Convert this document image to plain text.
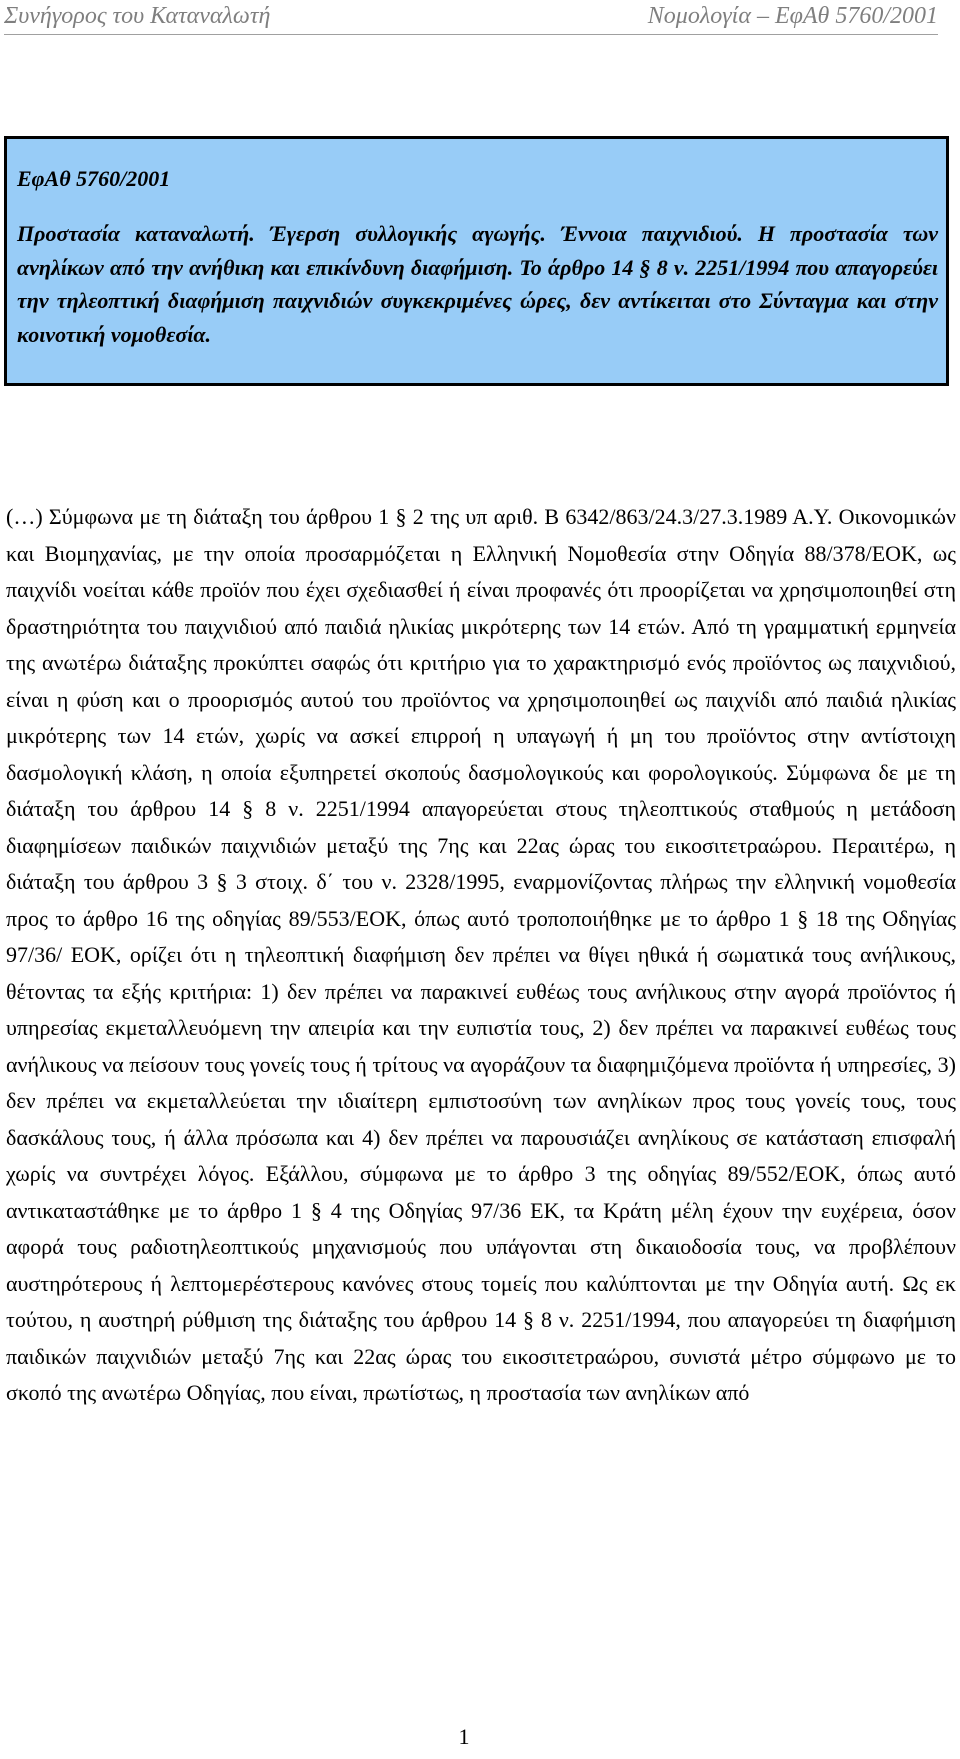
Συνήγορος του Καταναλωτή	Νομολογία – ΕφΑθ 5760/2001

ΕφΑθ 5760/2001

Προστασία καταναλωτή. Έγερση συλλογικής αγωγής. Έννοια παιχνιδιού. Η προστασία των ανηλίκων από την ανήθικη και επικίνδυνη διαφήμιση. Το άρθρο 14 § 8 ν. 2251/1994 που απαγορεύει την τηλεοπτική διαφήμιση παιχνιδιών συγκεκριμένες ώρες, δεν αντίκειται στο Σύνταγμα και στην κοινοτική νομοθεσία.

(…) Σύμφωνα με τη διάταξη του άρθρου 1 § 2 της υπ αριθ. Β 6342/863/24.3/27.3.1989 Α.Υ. Οικονομικών και Βιομηχανίας, με την οποία προσαρμόζεται η Ελληνική Νομοθεσία στην Οδηγία 88/378/ΕΟΚ, ως παιχνίδι νοείται κάθε προϊόν που έχει σχεδιασθεί ή είναι προφανές ότι προορίζεται να χρησιμοποιηθεί στη δραστηριότητα του παιχνιδιού από παιδιά ηλικίας μικρότερης των 14 ετών. Από τη γραμματική ερμηνεία της ανωτέρω διάταξης προκύπτει σαφώς ότι κριτήριο για το χαρακτηρισμό ενός προϊόντος ως παιχνιδιού, είναι η φύση και ο προορισμός αυτού του προϊόντος να χρησιμοποιηθεί ως παιχνίδι από παιδιά ηλικίας μικρότερης των 14 ετών, χωρίς να ασκεί επιρροή η υπαγωγή ή μη του προϊόντος στην αντίστοιχη δασμολογική κλάση, η οποία εξυπηρετεί σκοπούς δασμολογικούς και φορολογικούς. Σύμφωνα δε με τη διάταξη του άρθρου 14 § 8 ν. 2251/1994 απαγορεύεται στους τηλεοπτικούς σταθμούς η μετάδοση διαφημίσεων παιδικών παιχνιδιών μεταξύ της 7ης και 22ας ώρας του εικοσιτετραώρου. Περαιτέρω, η διάταξη του άρθρου 3 § 3 στοιχ. δ΄ του ν. 2328/1995, εναρμονίζοντας πλήρως την ελληνική νομοθεσία προς το άρθρο 16 της οδηγίας 89/553/ΕΟΚ, όπως αυτό τροποποιήθηκε με το άρθρο 1 § 18 της Οδηγίας 97/36/ ΕΟΚ, ορίζει ότι η τηλεοπτική διαφήμιση δεν πρέπει να θίγει ηθικά ή σωματικά τους ανήλικους, θέτοντας τα εξής κριτήρια: 1) δεν πρέπει να παρακινεί ευθέως τους ανήλικους στην αγορά προϊόντος ή υπηρεσίας εκμεταλλευόμενη την απειρία και την ευπιστία τους, 2) δεν πρέπει να παρακινεί ευθέως τους ανήλικους να πείσουν τους γονείς τους ή τρίτους να αγοράζουν τα διαφημιζόμενα προϊόντα ή υπηρεσίες, 3) δεν πρέπει να εκμεταλλεύεται την ιδιαίτερη εμπιστοσύνη των ανηλίκων προς τους γονείς τους, τους δασκάλους τους, ή άλλα πρόσωπα και 4) δεν πρέπει να παρουσιάζει ανηλίκους σε κατάσταση επισφαλή χωρίς να συντρέχει λόγος. Εξάλλου, σύμφωνα με το άρθρο 3 της οδηγίας 89/552/ΕΟΚ, όπως αυτό αντικαταστάθηκε με το άρθρο 1 § 4 της Οδηγίας 97/36 ΕΚ, τα Κράτη μέλη έχουν την ευχέρεια, όσον αφορά τους ραδιοτηλεοπτικούς μηχανισμούς που υπάγονται στη δικαιοδοσία τους, να προβλέπουν αυστηρότερους ή λεπτομερέστερους κανόνες στους τομείς που καλύπτονται με την Οδηγία αυτή. Ως εκ τούτου, η αυστηρή ρύθμιση της διάταξης του άρθρου 14 § 8 ν. 2251/1994, που απαγορεύει τη διαφήμιση παιδικών παιχνιδιών μεταξύ 7ης και 22ας ώρας του εικοσιτετραώρου, συνιστά μέτρο σύμφωνο με το σκοπό της ανωτέρω Οδηγίας, που είναι, πρωτίστως, η προστασία των ανηλίκων από

1
